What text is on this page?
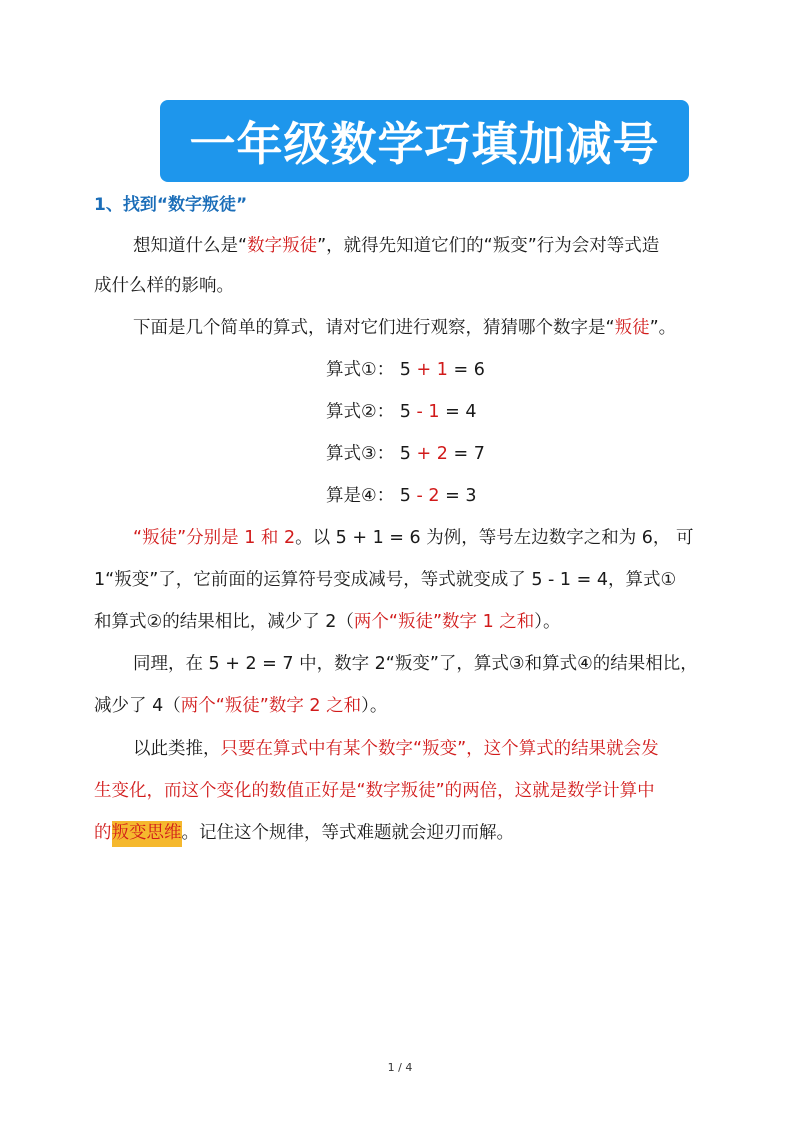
一年级数学巧填加减号
1、找到“数字叛徒”
想知道什么是“数字叛徒”，就得先知道它们的“叛变”行为会对等式造
成什么样的影响。
下面是几个简单的算式，请对它们进行观察，猜猜哪个数字是“叛徒”。
算式①： 5 + 1 = 6
算式②： 5 - 1 = 4
算式③： 5 + 2 = 7
算是④： 5 - 2 = 3
“叛徒”分别是 1 和 2。以 5 + 1 = 6 为例，等号左边数字之和为 6， 可
1“叛变”了，它前面的运算符号变成减号，等式就变成了 5 - 1 = 4，算式①
和算式②的结果相比，减少了 2（两个“叛徒”数字 1 之和）。
同理，在 5 + 2 = 7 中，数字 2“叛变”了，算式③和算式④的结果相比，
减少了 4（两个“叛徒”数字 2 之和）。
以此类推，只要在算式中有某个数字“叛变”，这个算式的结果就会发
生变化，而这个变化的数值正好是“数字叛徒”的两倍，这就是数学计算中
的叛变思维。记住这个规律，等式难题就会迎刃而解。
1 / 4
